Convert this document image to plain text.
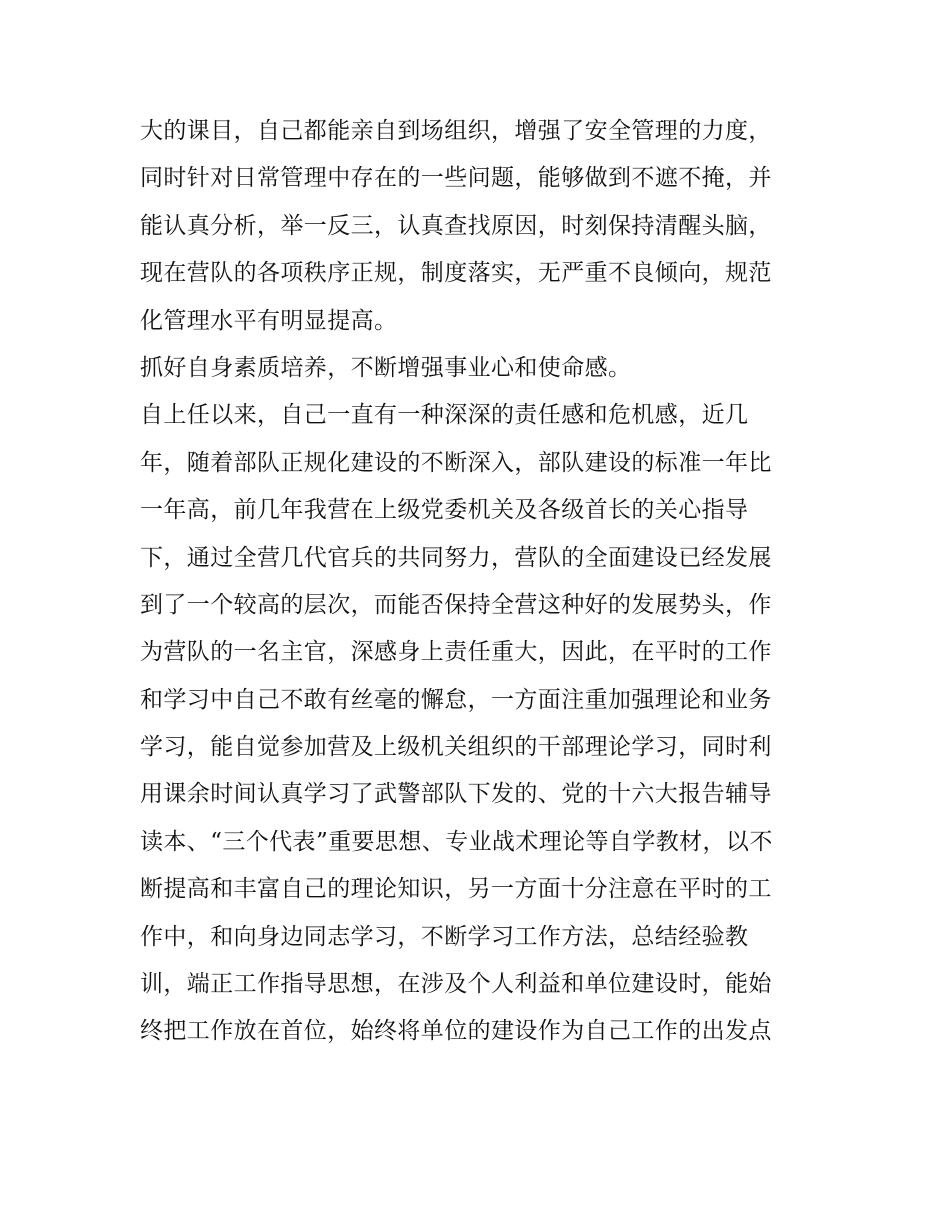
大的课目，自己都能亲自到场组织，增强了安全管理的力度，
同时针对日常管理中存在的一些问题，能够做到不遮不掩，并
能认真分析，举一反三，认真查找原因，时刻保持清醒头脑，
现在营队的各项秩序正规，制度落实，无严重不良倾向，规范
化管理水平有明显提高。
抓好自身素质培养，不断增强事业心和使命感。
自上任以来，自己一直有一种深深的责任感和危机感，近几
年，随着部队正规化建设的不断深入，部队建设的标准一年比
一年高，前几年我营在上级党委机关及各级首长的关心指导
下，通过全营几代官兵的共同努力，营队的全面建设已经发展
到了一个较高的层次，而能否保持全营这种好的发展势头，作
为营队的一名主官，深感身上责任重大，因此，在平时的工作
和学习中自己不敢有丝毫的懈怠，一方面注重加强理论和业务
学习，能自觉参加营及上级机关组织的干部理论学习，同时利
用课余时间认真学习了武警部队下发的、党的十六大报告辅导
读本、“三个代表”重要思想、专业战术理论等自学教材，以不
断提高和丰富自己的理论知识，另一方面十分注意在平时的工
作中，和向身边同志学习，不断学习工作方法，总结经验教
训，端正工作指导思想，在涉及个人利益和单位建设时，能始
终把工作放在首位，始终将单位的建设作为自己工作的出发点
